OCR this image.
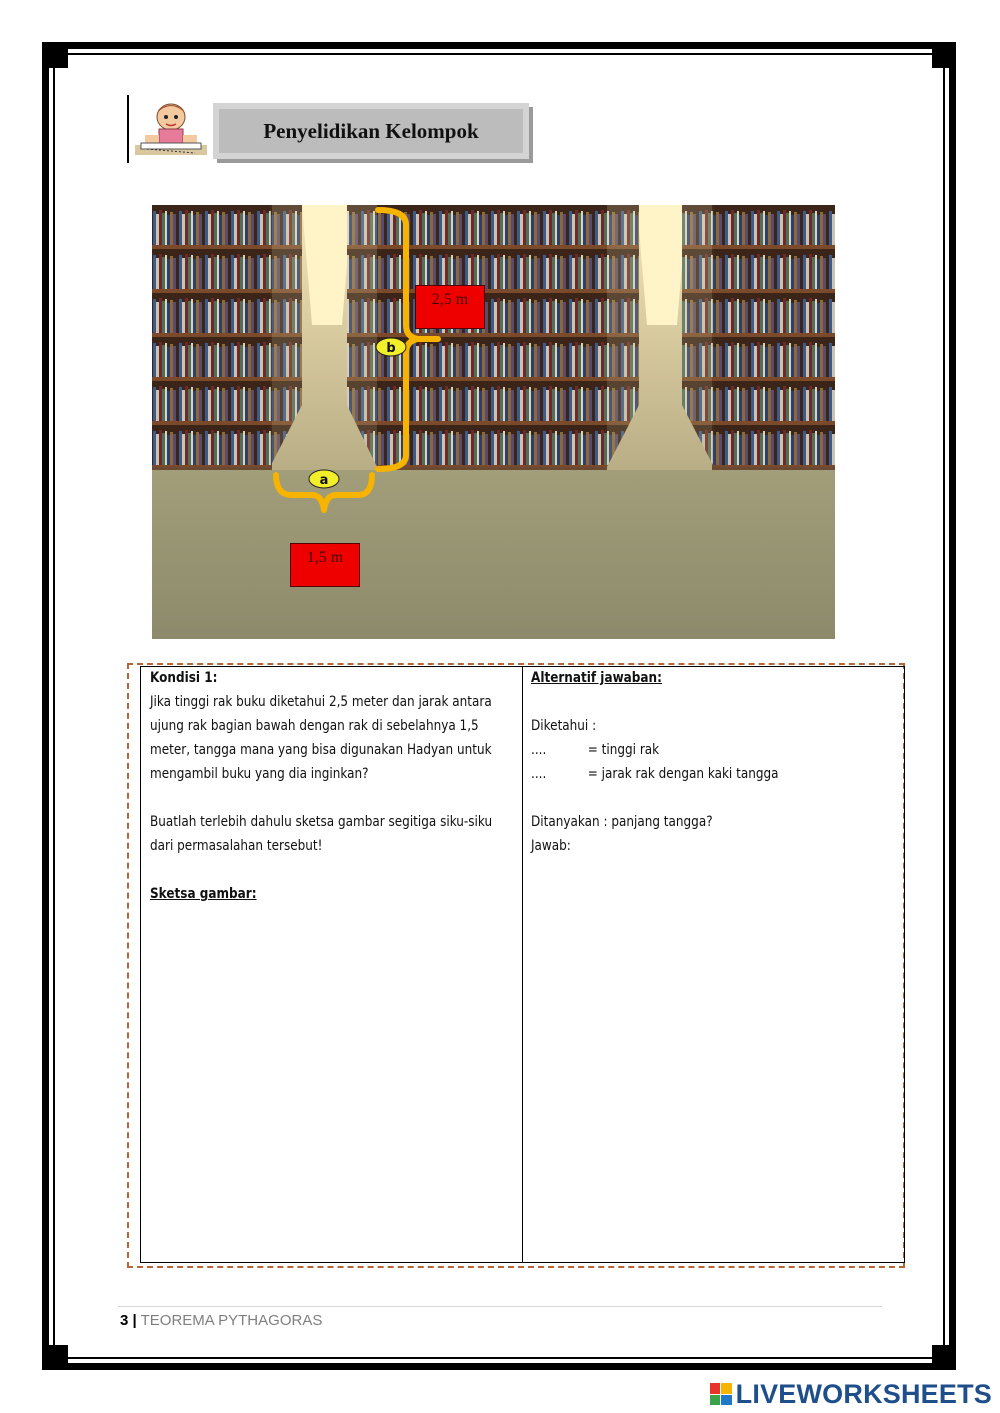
Penyelidikan Kelompok
b
a
2,5 m
1,5 m
Kondisi 1:
Jika tinggi rak buku diketahui 2,5 meter dan jarak antara
ujung rak bagian bawah dengan rak di sebelahnya 1,5
meter, tangga mana yang bisa digunakan Hadyan untuk
mengambil buku yang dia inginkan?
Buatlah terlebih dahulu sketsa gambar segitiga siku-siku
dari permasalahan tersebut!
Sketsa gambar:
Alternatif jawaban:
Diketahui :
....	= tinggi rak
....	= jarak rak dengan kaki tangga
Ditanyakan : panjang tangga?
Jawab:
3 | TEOREMA PYTHAGORAS
LIVEWORKSHEETS
